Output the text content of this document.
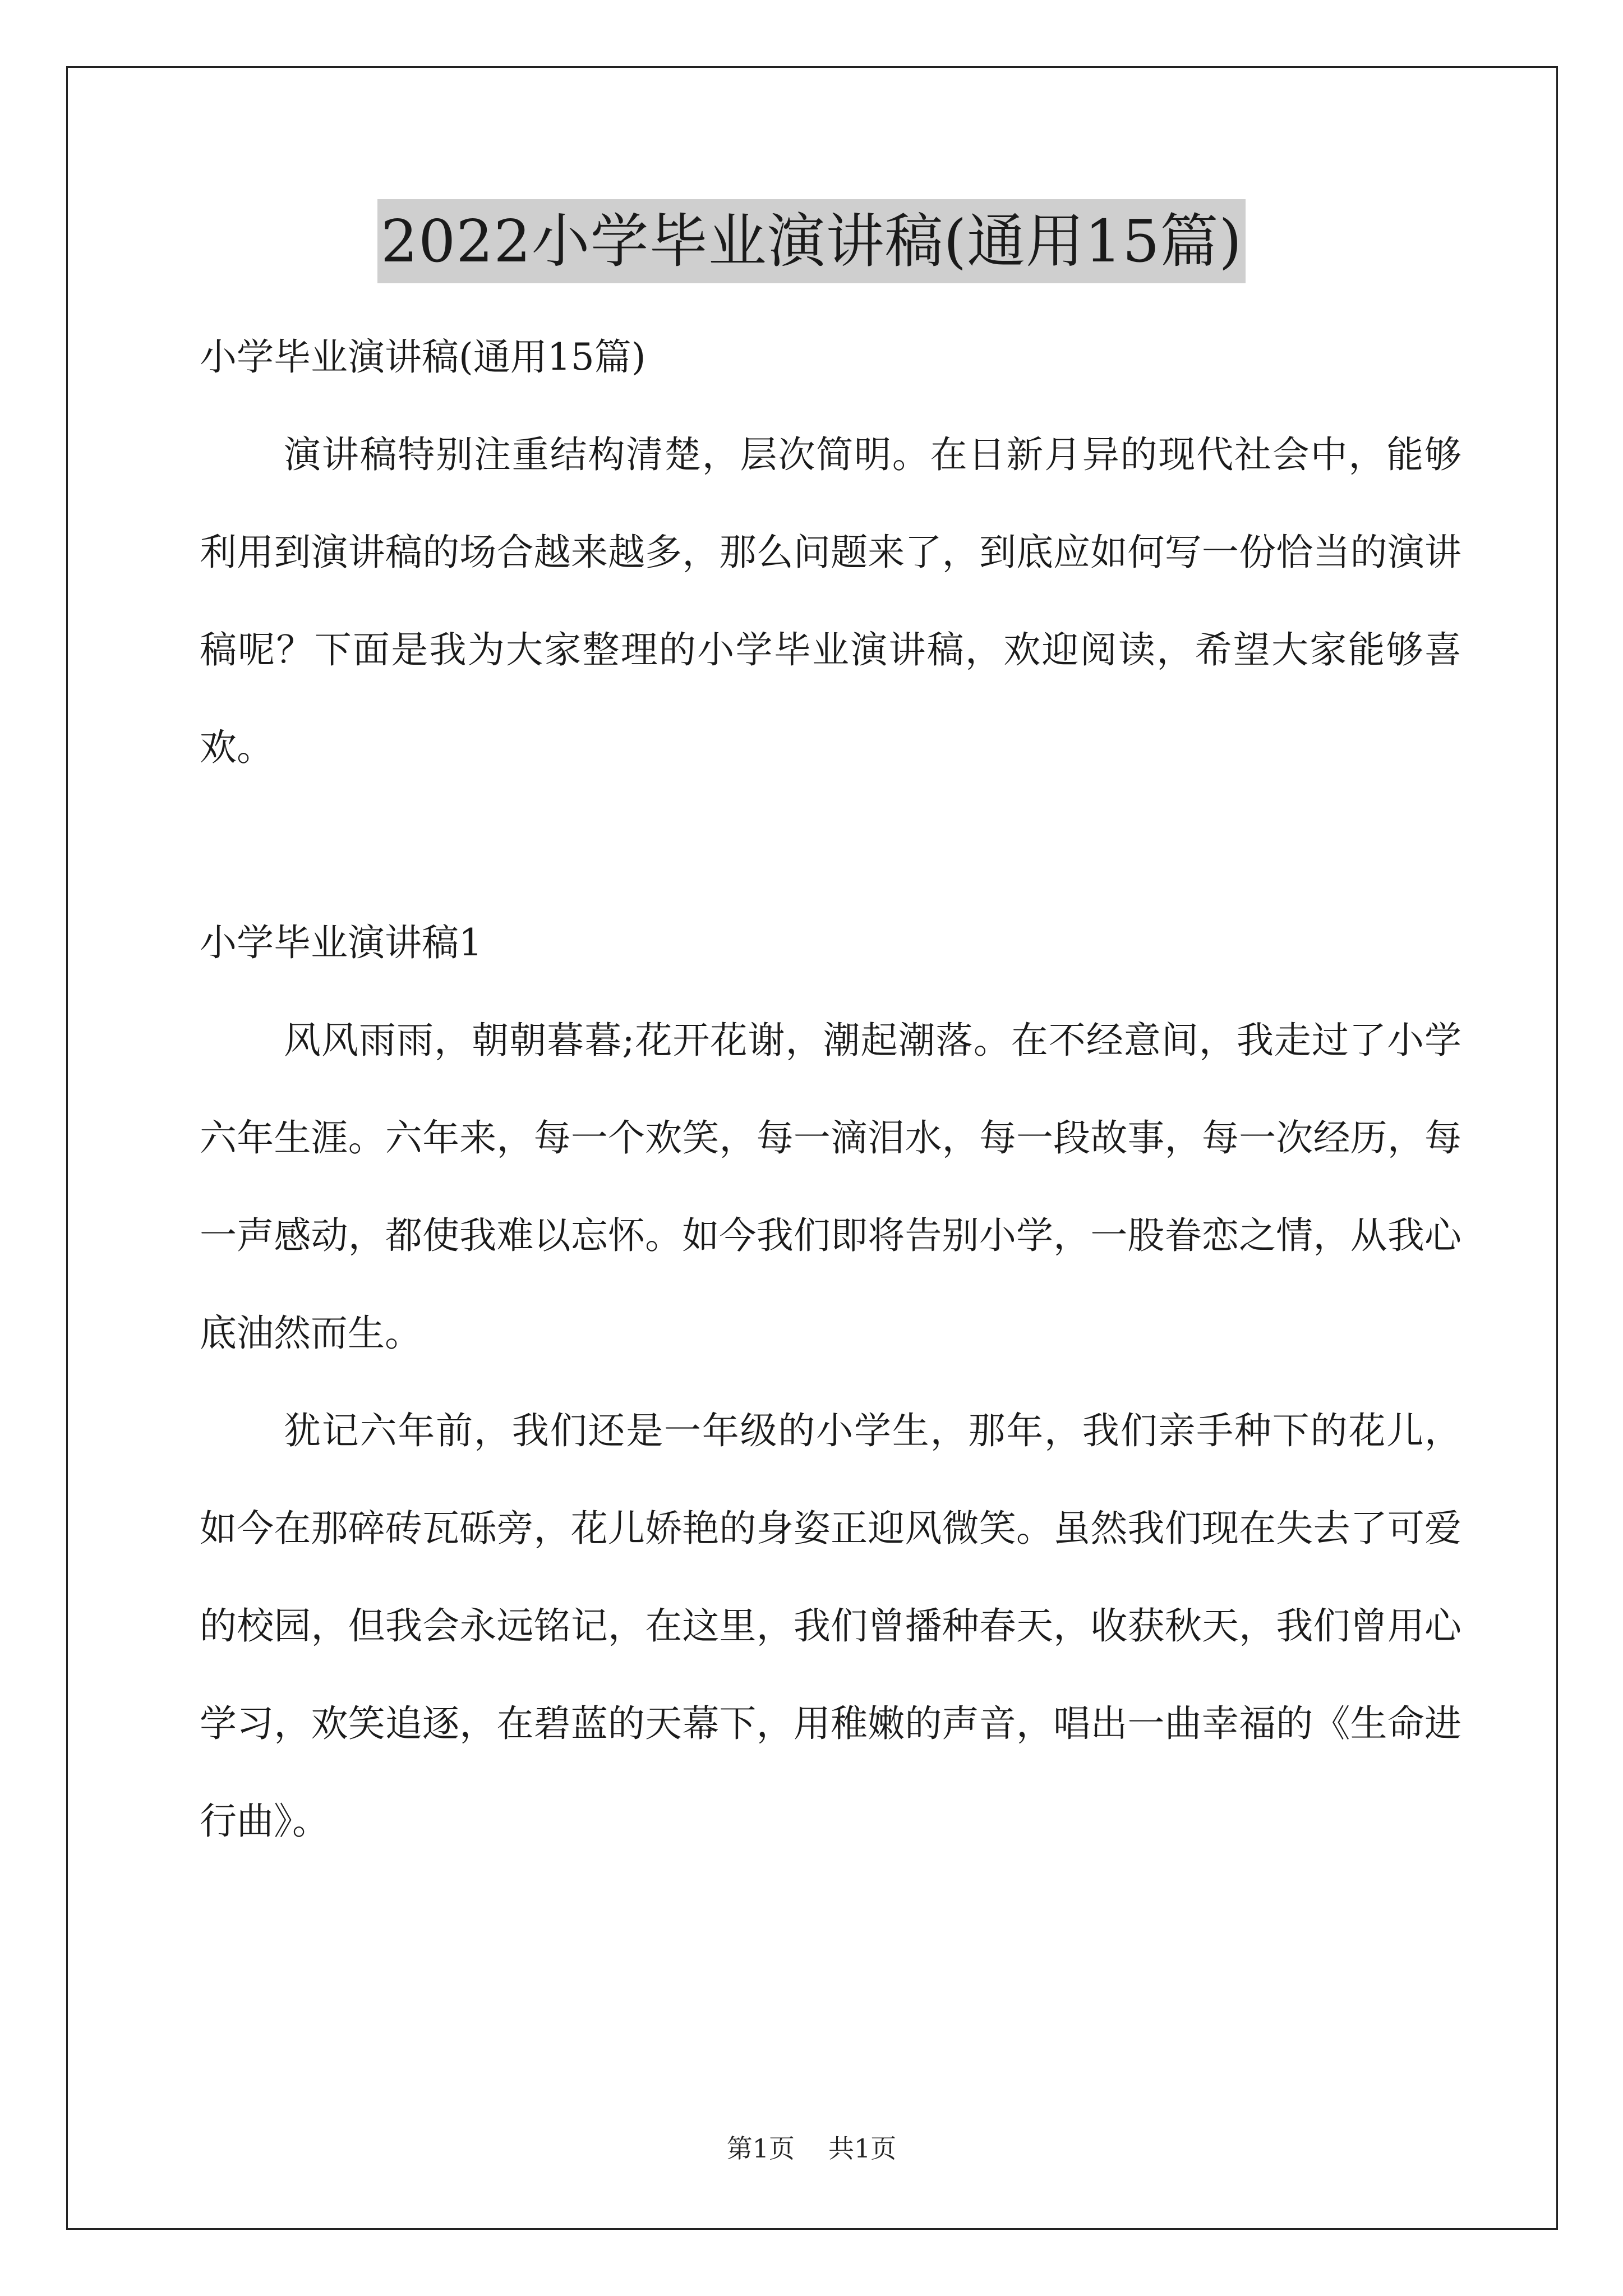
2022小学毕业演讲稿(通用15篇)

小学毕业演讲稿(通用15篇)

演讲稿特别注重结构清楚，层次简明。在日新月异的现代社会中，能够利用到演讲稿的场合越来越多，那么问题来了，到底应如何写一份恰当的演讲稿呢？下面是我为大家整理的小学毕业演讲稿，欢迎阅读，希望大家能够喜欢。

小学毕业演讲稿1

风风雨雨，朝朝暮暮;花开花谢，潮起潮落。在不经意间，我走过了小学六年生涯。六年来，每一个欢笑，每一滴泪水，每一段故事，每一次经历，每一声感动，都使我难以忘怀。如今我们即将告别小学，一股眷恋之情，从我心底油然而生。

犹记六年前，我们还是一年级的小学生，那年，我们亲手种下的花儿，如今在那碎砖瓦砾旁，花儿娇艳的身姿正迎风微笑。虽然我们现在失去了可爱的校园，但我会永远铭记，在这里，我们曾播种春天，收获秋天，我们曾用心学习，欢笑追逐，在碧蓝的天幕下，用稚嫩的声音，唱出一曲幸福的《生命进行曲》。

第1页 共1页
